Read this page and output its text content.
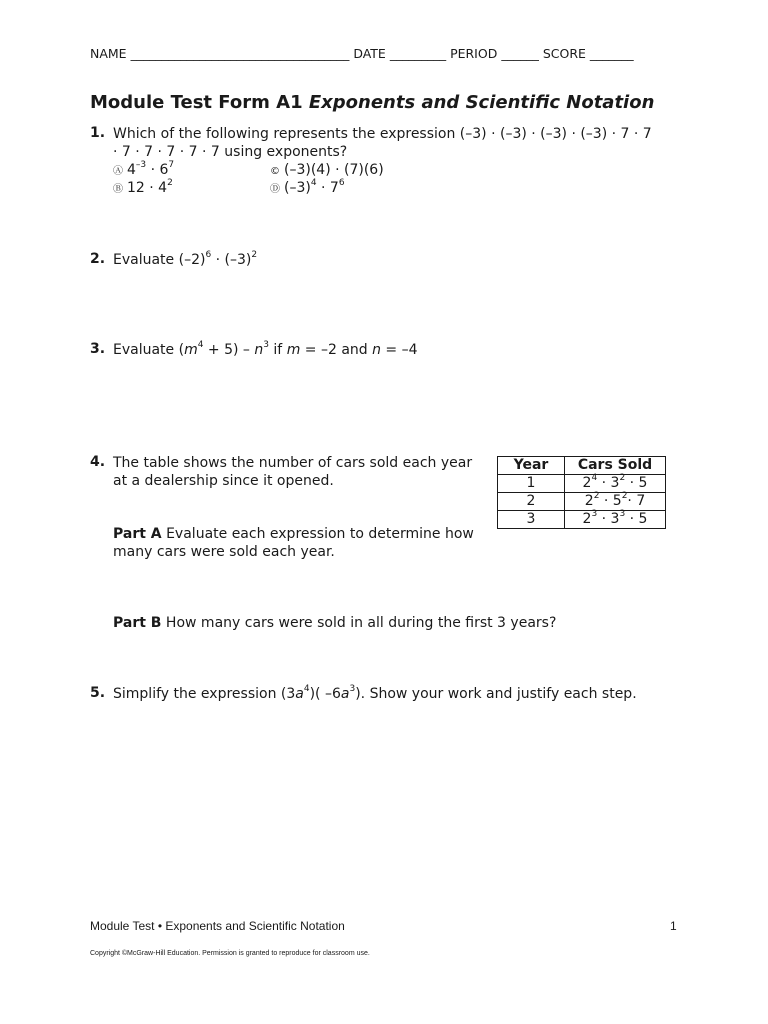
NAME ___________________________________ DATE _________ PERIOD ______ SCORE _______
Module Test Form A1 Exponents and Scientific Notation
1. Which of the following represents the expression (–3) · (–3) · (–3) · (–3) · 7 · 7 · 7 · 7 · 7 · 7 · 7 using exponents?
Ⓐ $4^{-3} \cdot 6^7$
© (–3)(4) · (7)(6)
Ⓑ $12 \cdot 4^2$
Ⓓ $(-3)^4 \cdot 7^6$
2. Evaluate $(-2)^6 \cdot (-3)^2$
3. Evaluate $(m^4 + 5) - n^3$ if m = –2 and n = –4
4. The table shows the number of cars sold each year at a dealership since it opened.
Year	Cars Sold
1	$2^4 \cdot 3^2 \cdot 5$
2	$2^2 \cdot 5^2\cdot 7$
3	$2^3 \cdot 3^3 \cdot 5$
Part A Evaluate each expression to determine how many cars were sold each year.
Part B How many cars were sold in all during the first 3 years?
5. Simplify the expression $(3a^4)$( $-6a^3$). Show your work and justify each step.
Module Test • Exponents and Scientific Notation	1
Copyright ©McGraw-Hill Education. Permission is granted to reproduce for classroom use.
